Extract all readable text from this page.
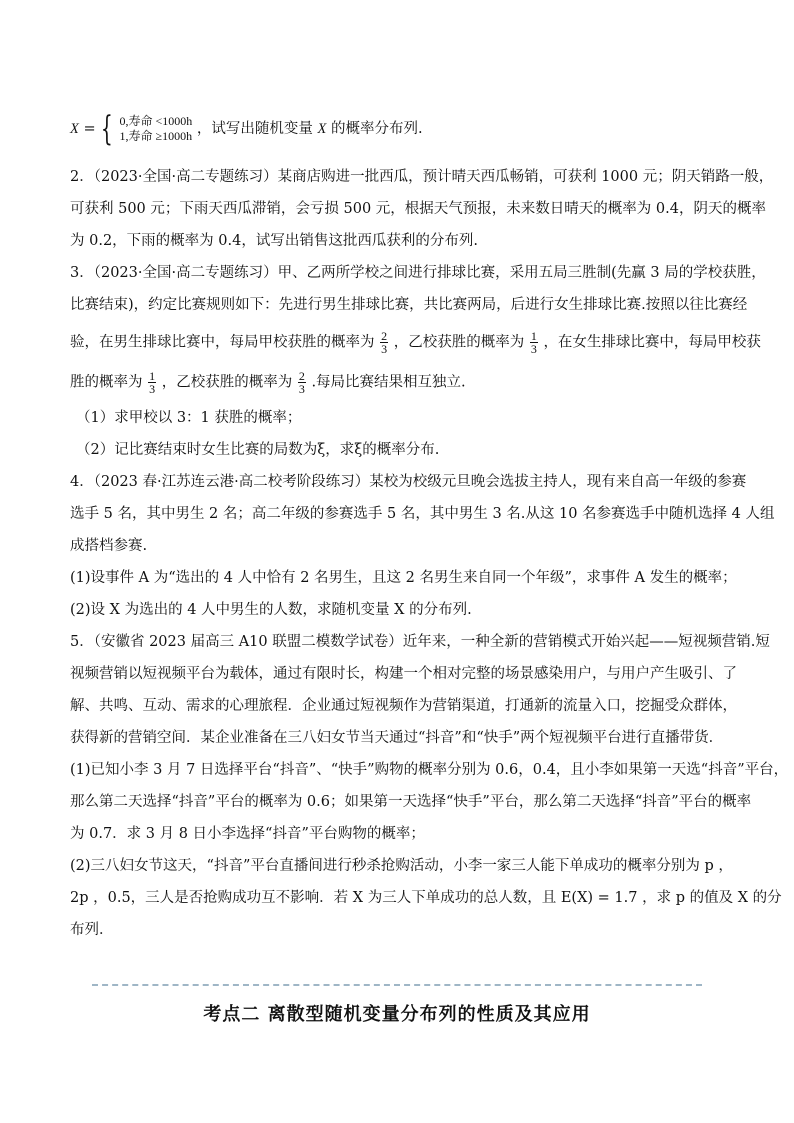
X = { 0,寿命 <1000h
1,寿命 ≥1000h ，试写出随机变量 X 的概率分布列.
2．（2023·全国·高二专题练习）某商店购进一批西瓜，预计晴天西瓜畅销，可获利 1000 元；阴天销路一般，
可获利 500 元；下雨天西瓜滞销，会亏损 500 元，根据天气预报，未来数日晴天的概率为 0.4，阴天的概率
为 0.2，下雨的概率为 0.4，试写出销售这批西瓜获利的分布列.
3．（2023·全国·高二专题练习）甲、乙两所学校之间进行排球比赛，采用五局三胜制(先赢 3 局的学校获胜，
比赛结束)，约定比赛规则如下：先进行男生排球比赛，共比赛两局，后进行女生排球比赛.按照以往比赛经
验，在男生排球比赛中，每局甲校获胜的概率为 $\frac{2}{3}$ ，乙校获胜的概率为 $\frac{1}{3}$ ，在女生排球比赛中，每局甲校获
胜的概率为 $\frac{1}{3}$ ，乙校获胜的概率为 $\frac{2}{3}$ .每局比赛结果相互独立.
（1）求甲校以 3：1 获胜的概率；
（2）记比赛结束时女生比赛的局数为ξ，求ξ的概率分布.
4．（2023 春·江苏连云港·高二校考阶段练习）某校为校级元旦晚会选拔主持人，现有来自高一年级的参赛
选手 5 名，其中男生 2 名；高二年级的参赛选手 5 名，其中男生 3 名.从这 10 名参赛选手中随机选择 4 人组
成搭档参赛.
(1)设事件 A 为“选出的 4 人中恰有 2 名男生，且这 2 名男生来自同一个年级”，求事件 A 发生的概率；
(2)设 X 为选出的 4 人中男生的人数，求随机变量 X 的分布列.
5．（安徽省 2023 届高三 A10 联盟二模数学试卷）近年来，一种全新的营销模式开始兴起——短视频营销.短
视频营销以短视频平台为载体，通过有限时长，构建一个相对完整的场景感染用户，与用户产生吸引、了
解、共鸣、互动、需求的心理旅程．企业通过短视频作为营销渠道，打通新的流量入口，挖掘受众群体，
获得新的营销空间．某企业准备在三八妇女节当天通过“抖音”和“快手”两个短视频平台进行直播带货．
(1)已知小李 3 月 7 日选择平台“抖音”、“快手”购物的概率分别为 0.6，0.4，且小李如果第一天选“抖音”平台，
那么第二天选择“抖音”平台的概率为 0.6；如果第一天选择“快手”平台，那么第二天选择“抖音”平台的概率
为 0.7．求 3 月 8 日小李选择“抖音”平台购物的概率；
(2)三八妇女节这天，“抖音”平台直播间进行秒杀抢购活动，小李一家三人能下单成功的概率分别为 p ，
2p ，0.5，三人是否抢购成功互不影响．若 X 为三人下单成功的总人数，且 E(X) = 1.7 ，求 p 的值及 X 的分
布列．
考点二 离散型随机变量分布列的性质及其应用
